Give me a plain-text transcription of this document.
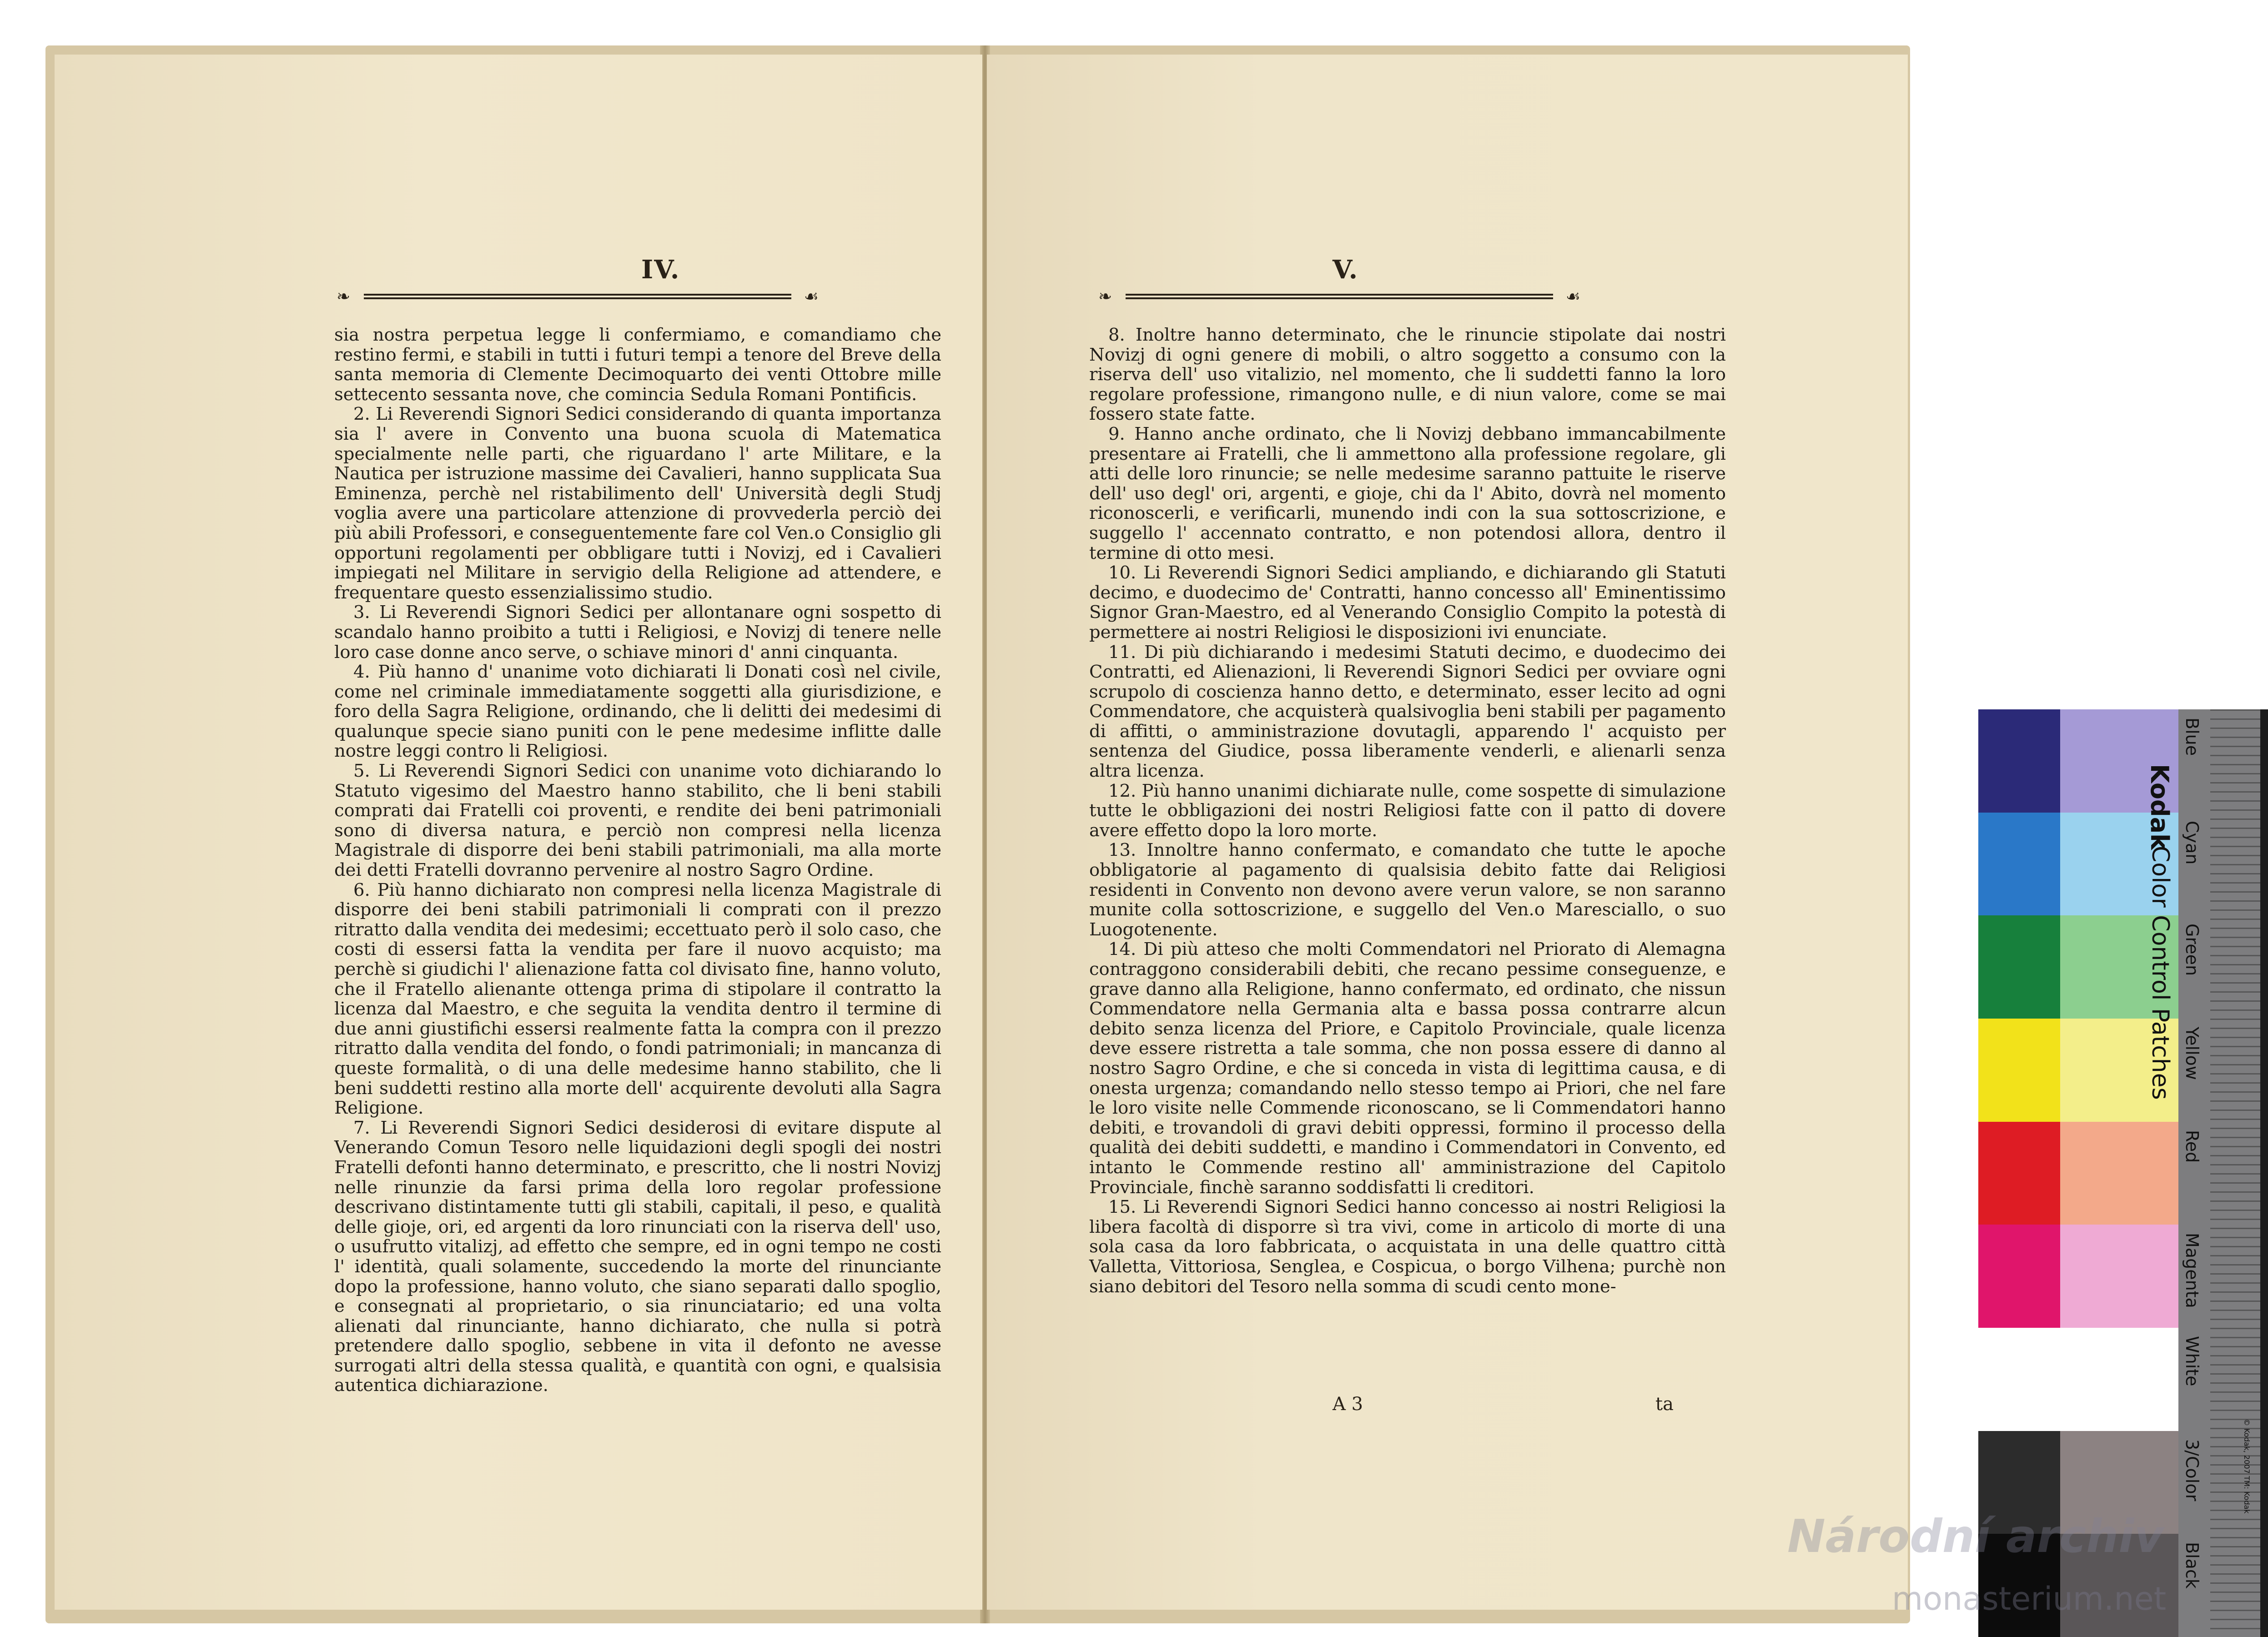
IV.
❧	☙

sia nostra perpetua legge li confermiamo, e comandiamo che restino fermi, e stabili in tutti i futuri tempi a tenore del Breve della santa memoria di Clemente Decimoquarto dei venti Ottobre mille settecento sessanta nove, che comincia Sedula Romani Pontificis.

2. Li Reverendi Signori Sedici considerando di quanta importanza sia l' avere in Convento una buona scuola di Matematica specialmente nelle parti, che riguardano l' arte Militare, e la Nautica per istruzione massime dei Cavalieri, hanno supplicata Sua Eminenza, perchè nel ristabilimento dell' Università degli Studj voglia avere una particolare attenzione di provvederla perciò dei più abili Professori, e conseguentemente fare col Ven.o Consiglio gli opportuni regolamenti per obbligare tutti i Novizj, ed i Cavalieri impiegati nel Militare in servigio della Religione ad attendere, e frequentare questo essenzialissimo studio.

3. Li Reverendi Signori Sedici per allontanare ogni sospetto di scandalo hanno proibito a tutti i Religiosi, e Novizj di tenere nelle loro case donne anco serve, o schiave minori d' anni cinquanta.

4. Più hanno d' unanime voto dichiarati li Donati così nel civile, come nel criminale immediatamente soggetti alla giurisdizione, e foro della Sagra Religione, ordinando, che li delitti dei medesimi di qualunque specie siano puniti con le pene medesime inflitte dalle nostre leggi contro li Religiosi.

5. Li Reverendi Signori Sedici con unanime voto dichiarando lo Statuto vigesimo del Maestro hanno stabilito, che li beni stabili comprati dai Fratelli coi proventi, e rendite dei beni patrimoniali sono di diversa natura, e perciò non compresi nella licenza Magistrale di disporre dei beni stabili patrimoniali, ma alla morte dei detti Fratelli dovranno pervenire al nostro Sagro Ordine.

6. Più hanno dichiarato non compresi nella licenza Magistrale di disporre dei beni stabili patrimoniali li comprati con il prezzo ritratto dalla vendita dei medesimi; eccettuato però il solo caso, che costi di essersi fatta la vendita per fare il nuovo acquisto; ma perchè si giudichi l' alienazione fatta col divisato fine, hanno voluto, che il Fratello alienante ottenga prima di stipolare il contratto la licenza dal Maestro, e che seguita la vendita dentro il termine di due anni giustifichi essersi realmente fatta la compra con il prezzo ritratto dalla vendita del fondo, o fondi patrimoniali; in mancanza di queste formalità, o di una delle medesime hanno stabilito, che li beni suddetti restino alla morte dell' acquirente devoluti alla Sagra Religione.

7. Li Reverendi Signori Sedici desiderosi di evitare dispute al Venerando Comun Tesoro nelle liquidazioni degli spogli dei nostri Fratelli defonti hanno determinato, e prescritto, che li nostri Novizj nelle rinunzie da farsi prima della loro regolar professione descrivano distintamente tutti gli stabili, capitali, il peso, e qualità delle gioje, ori, ed argenti da loro rinunciati con la riserva dell' uso, o usufrutto vitalizj, ad effetto che sempre, ed in ogni tempo ne costi l' identità, quali solamente, succedendo la morte del rinunciante dopo la professione, hanno voluto, che siano separati dallo spoglio, e consegnati al proprietario, o sia rinunciatario; ed una volta alienati dal rinunciante, hanno dichiarato, che nulla si potrà pretendere dallo spoglio, sebbene in vita il defonto ne avesse surrogati altri della stessa qualità, e quantità con ogni, e qualsisia autentica dichiarazione.

V.
❧	☙

8. Inoltre hanno determinato, che le rinuncie stipolate dai nostri Novizj di ogni genere di mobili, o altro soggetto a consumo con la riserva dell' uso vitalizio, nel momento, che li suddetti fanno la loro regolare professione, rimangono nulle, e di niun valore, come se mai fossero state fatte.

9. Hanno anche ordinato, che li Novizj debbano immancabilmente presentare ai Fratelli, che li ammettono alla professione regolare, gli atti delle loro rinuncie; se nelle medesime saranno pattuite le riserve dell' uso degl' ori, argenti, e gioje, chi da l' Abito, dovrà nel momento riconoscerli, e verificarli, munendo indi con la sua sottoscrizione, e suggello l' accennato contratto, e non potendosi allora, dentro il termine di otto mesi.

10. Li Reverendi Signori Sedici ampliando, e dichiarando gli Statuti decimo, e duodecimo de' Contratti, hanno concesso all' Eminentissimo Signor Gran-Maestro, ed al Venerando Consiglio Compito la potestà di permettere ai nostri Religiosi le disposizioni ivi enunciate.

11. Di più dichiarando i medesimi Statuti decimo, e duodecimo dei Contratti, ed Alienazioni, li Reverendi Signori Sedici per ovviare ogni scrupolo di coscienza hanno detto, e determinato, esser lecito ad ogni Commendatore, che acquisterà qualsivoglia beni stabili per pagamento di affitti, o amministrazione dovutagli, apparendo l' acquisto per sentenza del Giudice, possa liberamente venderli, e alienarli senza altra licenza.

12. Più hanno unanimi dichiarate nulle, come sospette di simulazione tutte le obbligazioni dei nostri Religiosi fatte con il patto di dovere avere effetto dopo la loro morte.

13. Innoltre hanno confermato, e comandato che tutte le apoche obbligatorie al pagamento di qualsisia debito fatte dai Religiosi residenti in Convento non devono avere verun valore, se non saranno munite colla sottoscrizione, e suggello del Ven.o Maresciallo, o suo Luogotenente.

14. Di più atteso che molti Commendatori nel Priorato di Alemagna contraggono considerabili debiti, che recano pessime conseguenze, e grave danno alla Religione, hanno confermato, ed ordinato, che nissun Commendatore nella Germania alta e bassa possa contrarre alcun debito senza licenza del Priore, e Capitolo Provinciale, quale licenza deve essere ristretta a tale somma, che non possa essere di danno al nostro Sagro Ordine, e che si conceda in vista di legittima causa, e di onesta urgenza; comandando nello stesso tempo ai Priori, che nel fare le loro visite nelle Commende riconoscano, se li Commendatori hanno debiti, e trovandoli di gravi debiti oppressi, formino il processo della qualità dei debiti suddetti, e mandino i Commendatori in Convento, ed intanto le Commende restino all' amministrazione del Capitolo Provinciale, finchè saranno soddisfatti li creditori.

15. Li Reverendi Signori Sedici hanno concesso ai nostri Religiosi la libera facoltà di disporre sì tra vivi, come in articolo di morte di una sola casa da loro fabbricata, o acquistata in una delle quattro città Valletta, Vittoriosa, Senglea, e Cospicua, o borgo Vilhena; purchè non siano debitori del Tesoro nella somma di scudi cento mone-

A 3	ta
Blue
Cyan
Green
Yellow
Red
Magenta
White
3/Color
Black
Kodak
Color Control Patches
© Kodak, 2007 TM: Kodak
Národní archiv
monasterium.net
